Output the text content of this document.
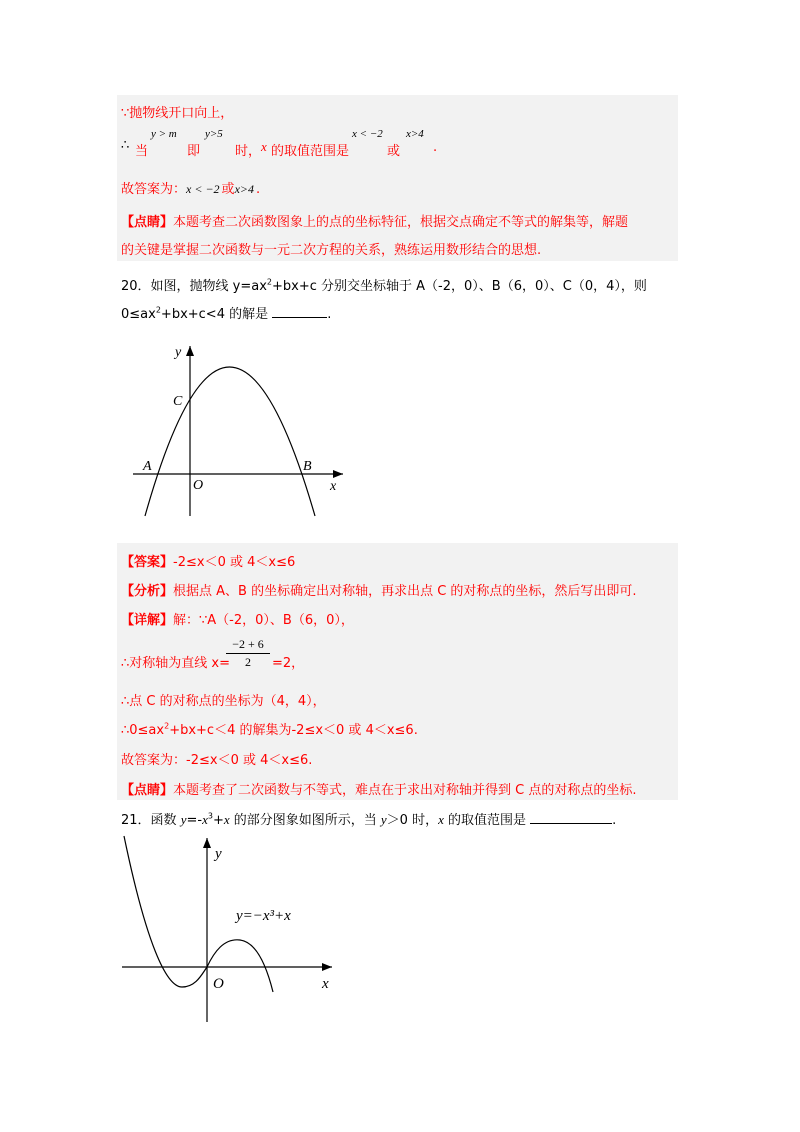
∵抛物线开口向上，
∴ 当
y > m
即
y>5
时， x 的取值范围是
x < −2
或
x>4
.
故答案为：x < −2 或x>4 .
【点睛】本题考查二次函数图象上的点的坐标特征，根据交点确定不等式的解集等，解题
的关键是掌握二次函数与一元二次方程的关系，熟练运用数形结合的思想.
20．如图，抛物线 $y=ax^2+bx+c$ 分别交坐标轴于 A（-2，0）、B（6，0）、C（0，4），则
$0\le ax^2+bx+c<4$ 的解是	.
y
x
O
A	B
C
【答案】-2≤x＜0 或 4＜x≤6
【分析】根据点 A、B 的坐标确定出对称轴，再求出点 C 的对称点的坐标，然后写出即可.
【详解】解：∵A（-2，0）、B（6，0），
∴对称轴为直线 x=
$\frac{-2 + 6}{2} =2$，
∴点 C 的对称点的坐标为（4，4），
$\therefore 0\le ax^2+bx+c<4$ 的解集为-2≤x＜0 或 4＜x≤6.
故答案为：-2≤x＜0 或 4＜x≤6.
【点睛】本题考查了二次函数与不等式，难点在于求出对称轴并得到 C 点的对称点的坐标.
21．函数 $y=-x^3+x$ 的部分图象如图所示，当 y＞0 时，x 的取值范围是	.
y
x
O
y=−x³+x
